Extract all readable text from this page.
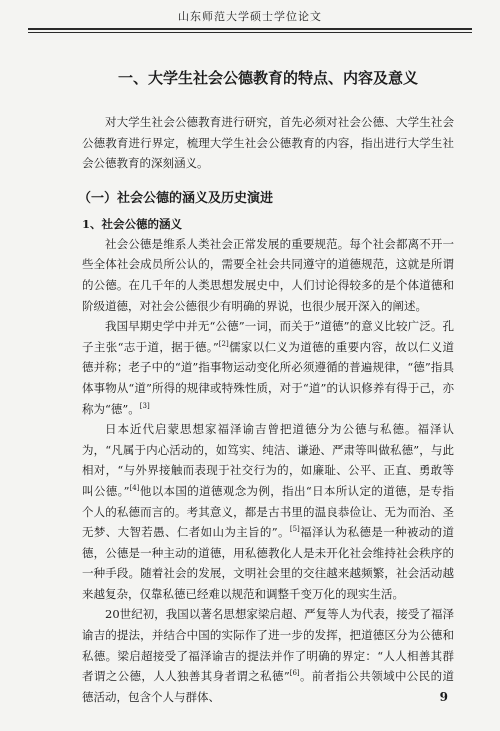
山东师范大学硕士学位论文
一、大学生社会公德教育的特点、内容及意义

对大学生社会公德教育进行研究，首先必须对社会公德、大学生社会公德教育进行界定，梳理大学生社会公德教育的内容，指出进行大学生社会公德教育的深刻涵义。

（一）社会公德的涵义及历史演进
1、社会公德的涵义

社会公德是维系人类社会正常发展的重要规范。每个社会都离不开一些全体社会成员所公认的，需要全社会共同遵守的道德规范，这就是所谓的公德。在几千年的人类思想发展史中，人们讨论得较多的是个体道德和阶级道德，对社会公德很少有明确的界说，也很少展开深入的阐述。

我国早期史学中并无“公德”一词，而关于”道德”的意义比较广泛。孔子主张“志于道，据于德。”[2]儒家以仁义为道德的重要内容，故以仁义道德并称；老子中的“道”指事物运动变化所必须遵循的普遍规律，“德”指具体事物从“道”所得的规律或特殊性质，对于“道”的认识修养有得于己，亦称为“德”。[3]

日本近代启蒙思想家福泽谕吉曾把道德分为公德与私德。福泽认为，“凡属于内心活动的，如笃实、纯洁、谦逊、严肃等叫做私德”，与此相对，“与外界接触而表现于社交行为的，如廉耻、公平、正直、勇敢等叫公德。”[4]他以本国的道德观念为例，指出“日本所认定的道德，是专指个人的私德而言的。考其意义，都是古书里的温良恭俭让、无为而治、圣无梦、大智若愚、仁者如山为主旨的”。[5]福泽认为私德是一种被动的道德，公德是一种主动的道德，用私德教化人是未开化社会维持社会秩序的一种手段。随着社会的发展，文明社会里的交往越来越频繁，社会活动越来越复杂，仅靠私德已经难以规范和调整千变万化的现实生活。

20世纪初，我国以著名思想家梁启超、严复等人为代表，接受了福泽谕吉的提法，并结合中国的实际作了进一步的发挥，把道德区分为公德和私德。梁启超接受了福泽谕吉的提法并作了明确的界定：“人人相善其群者谓之公德，人人独善其身者谓之私德”[6]。前者指公共领域中公民的道德活动，包含个人与群体、	9
